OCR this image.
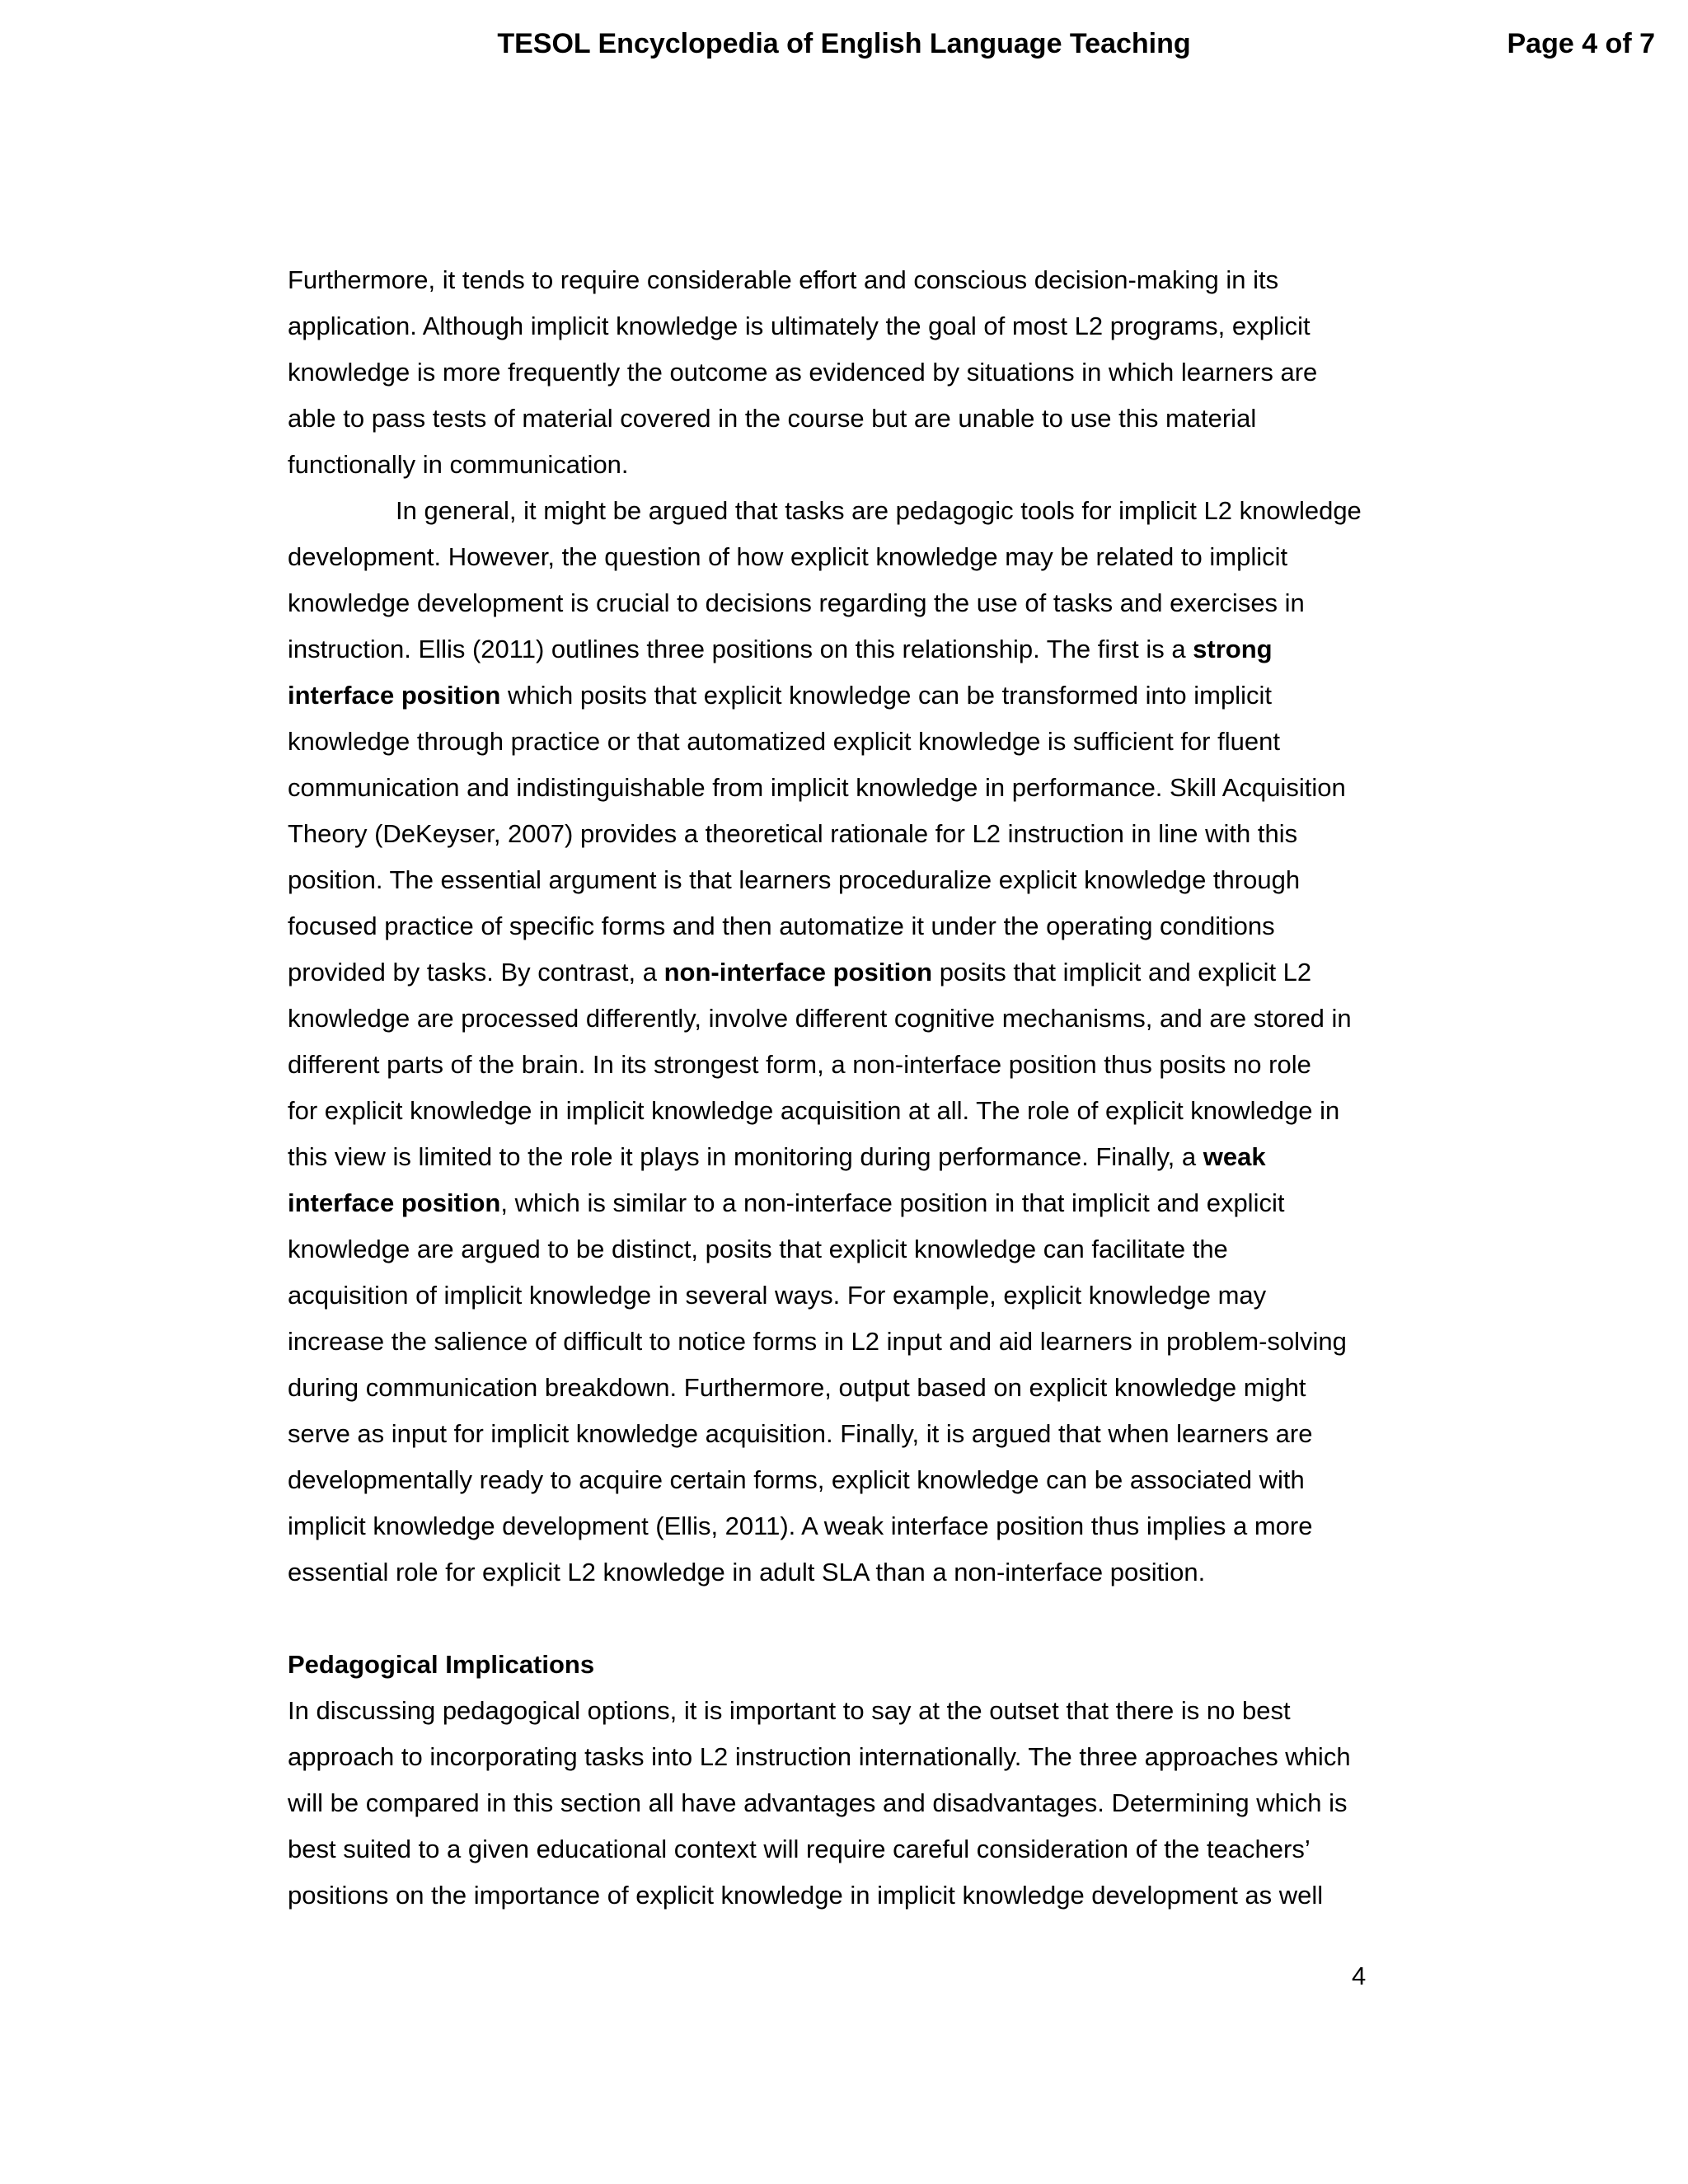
TESOL Encyclopedia of English Language Teaching	Page 4 of 7
Furthermore, it tends to require considerable effort and conscious decision-making in its
application. Although implicit knowledge is ultimately the goal of most L2 programs, explicit
knowledge is more frequently the outcome as evidenced by situations in which learners are
able to pass tests of material covered in the course but are unable to use this material
functionally in communication.
In general, it might be argued that tasks are pedagogic tools for implicit L2 knowledge
development. However, the question of how explicit knowledge may be related to implicit
knowledge development is crucial to decisions regarding the use of tasks and exercises in
instruction. Ellis (2011) outlines three positions on this relationship. The first is a strong
interface position which posits that explicit knowledge can be transformed into implicit
knowledge through practice or that automatized explicit knowledge is sufficient for fluent
communication and indistinguishable from implicit knowledge in performance. Skill Acquisition
Theory (DeKeyser, 2007) provides a theoretical rationale for L2 instruction in line with this
position. The essential argument is that learners proceduralize explicit knowledge through
focused practice of specific forms and then automatize it under the operating conditions
provided by tasks. By contrast, a non-interface position posits that implicit and explicit L2
knowledge are processed differently, involve different cognitive mechanisms, and are stored in
different parts of the brain. In its strongest form, a non-interface position thus posits no role
for explicit knowledge in implicit knowledge acquisition at all. The role of explicit knowledge in
this view is limited to the role it plays in monitoring during performance. Finally, a weak
interface position, which is similar to a non-interface position in that implicit and explicit
knowledge are argued to be distinct, posits that explicit knowledge can facilitate the
acquisition of implicit knowledge in several ways. For example, explicit knowledge may
increase the salience of difficult to notice forms in L2 input and aid learners in problem-solving
during communication breakdown. Furthermore, output based on explicit knowledge might
serve as input for implicit knowledge acquisition. Finally, it is argued that when learners are
developmentally ready to acquire certain forms, explicit knowledge can be associated with
implicit knowledge development (Ellis, 2011). A weak interface position thus implies a more
essential role for explicit L2 knowledge in adult SLA than a non-interface position.
Pedagogical Implications
In discussing pedagogical options, it is important to say at the outset that there is no best
approach to incorporating tasks into L2 instruction internationally. The three approaches which
will be compared in this section all have advantages and disadvantages. Determining which is
best suited to a given educational context will require careful consideration of the teachers’
positions on the importance of explicit knowledge in implicit knowledge development as well
4
